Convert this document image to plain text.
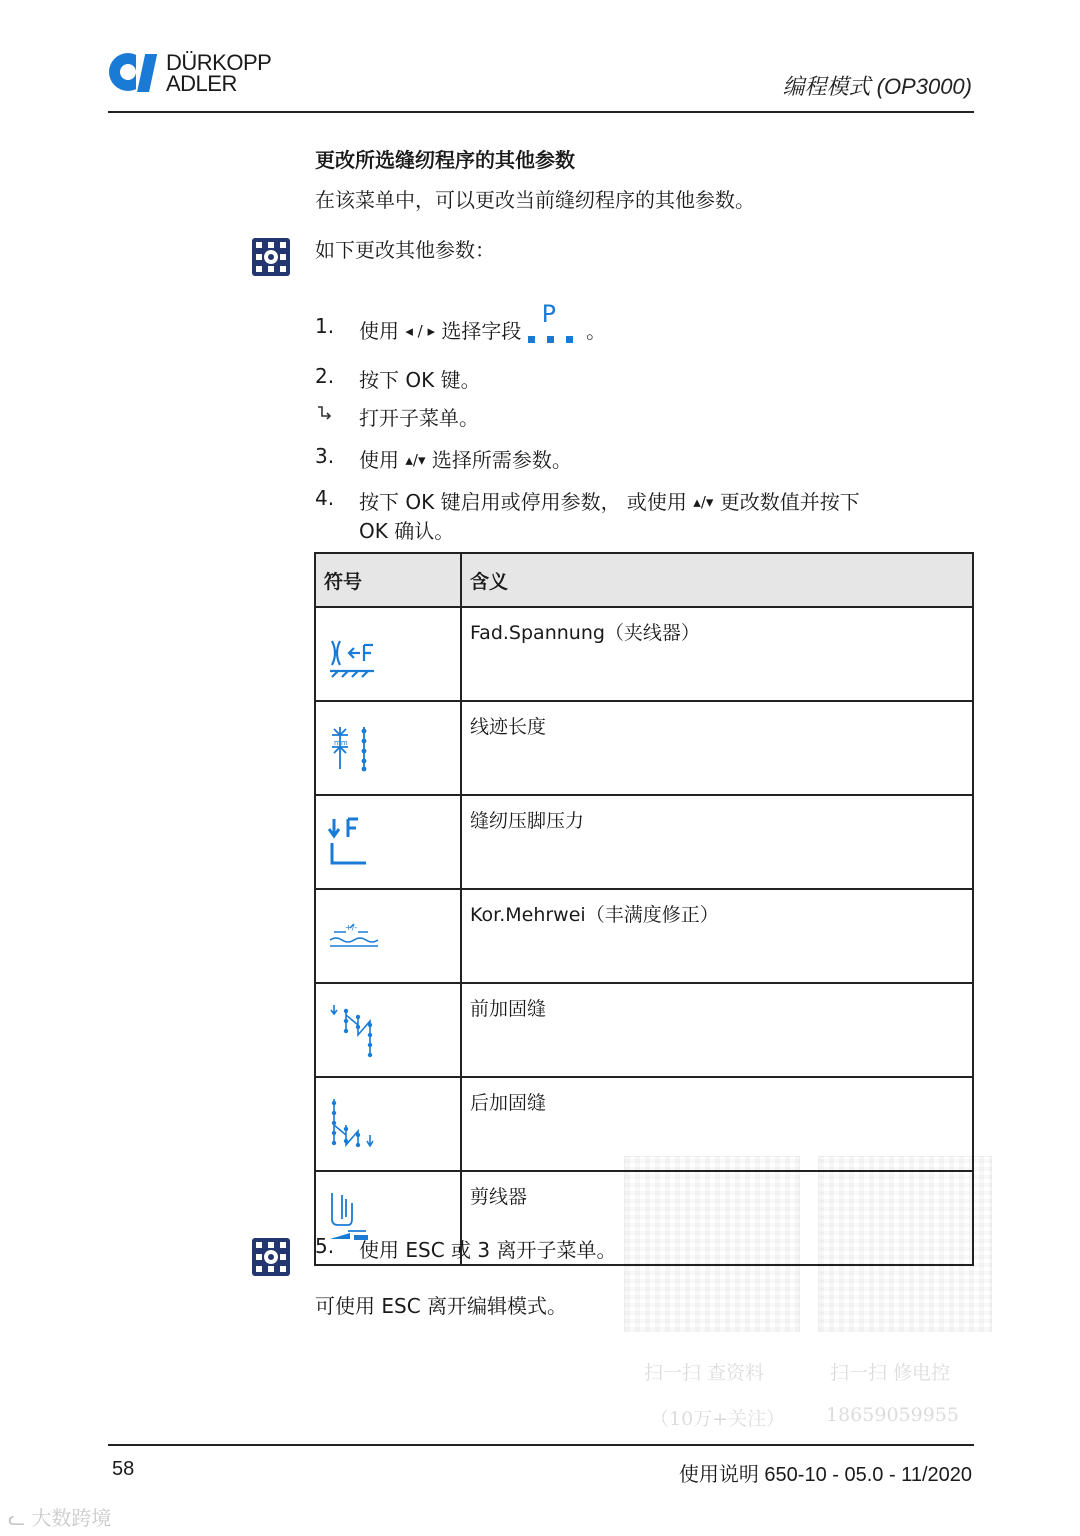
DÜRKOPP
ADLER	编程模式 (OP3000)
更改所选缝纫程序的其他参数
在该菜单中，可以更改当前缝纫程序的其他参数。
如下更改其他参数：
1.	使用 ◂ / ▸ 选择字段
P
。
2.	按下 OK 键。
打开子菜单。
3.	使用 ▴/▾ 选择所需参数。
4.	按下 OK 键启用或停用参数， 或使用 ▴/▾ 更改数值并按下
OK 确认。
符号	含义

	Fad.Spannung（夹线器）

mm	线迹长度

	缝纫压脚压力

+/-	Kor.Mehrwei（丰满度修正）

	前加固缝

	后加固缝

	剪线器
5.	使用 ESC 或 3 离开子菜单。
可使用 ESC 离开编辑模式。
扫一扫 查资料
（10万+关注）
扫一扫 修电控
18659059955
58	使用说明 650-10 - 05.0 - 11/2020
ᓚ 大数跨境
